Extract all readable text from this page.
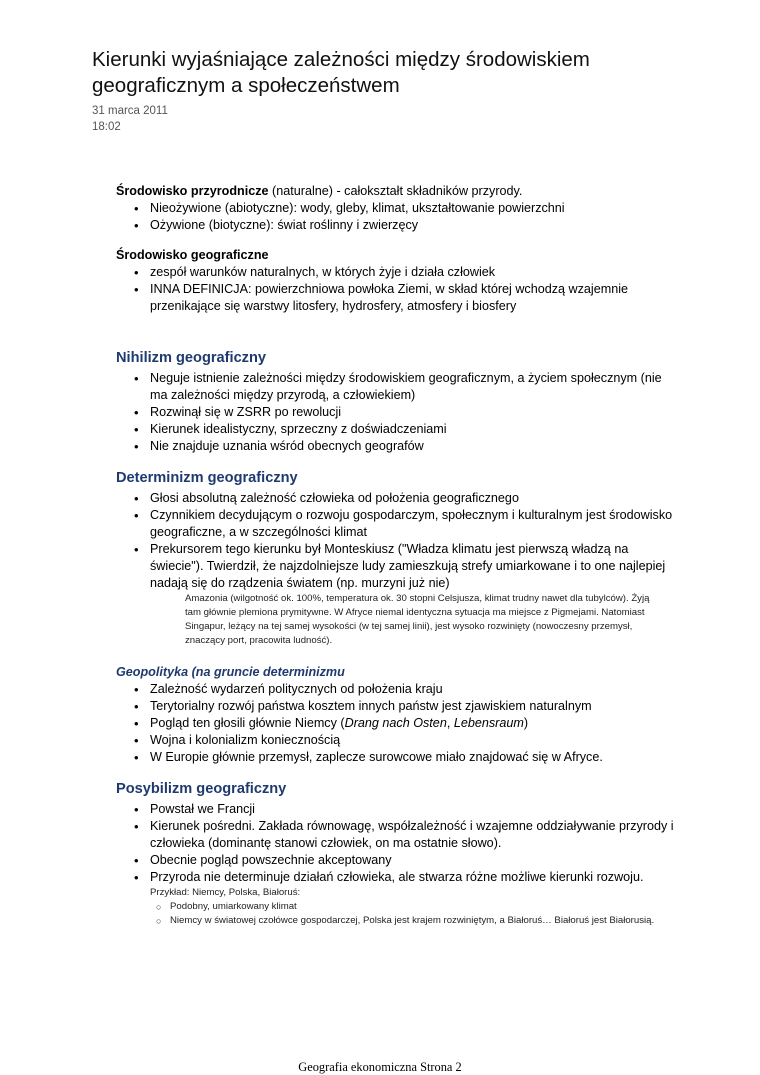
Kierunki wyjaśniające zależności między środowiskiem geograficznym a społeczeństwem
31 marca 2011
18:02

Środowisko przyrodnicze (naturalne) - całokształt składników przyrody.

• Nieożywione (abiotyczne): wody, gleby, klimat, ukształtowanie powierzchni
• Ożywione (biotyczne): świat roślinny i zwierzęcy

Środowisko geograficzne

• zespół warunków naturalnych, w których żyje i działa człowiek
• INNA DEFINICJA: powierzchniowa powłoka Ziemi, w skład której wchodzą wzajemnie przenikające się warstwy litosfery, hydrosfery, atmosfery i biosfery
Nihilizm geograficzny
• Neguje istnienie zależności między środowiskiem geograficznym, a życiem społecznym (nie ma zależności między przyrodą, a człowiekiem)
• Rozwinął się w ZSRR po rewolucji
• Kierunek idealistyczny, sprzeczny z doświadczeniami
• Nie znajduje uznania wśród obecnych geografów
Determinizm geograficzny
• Głosi absolutną zależność człowieka od położenia geograficznego
• Czynnikiem decydującym o rozwoju gospodarczym, społecznym i kulturalnym jest środowisko geograficzne, a w szczególności klimat
• Prekursorem tego kierunku był Monteskiusz ("Władza klimatu jest pierwszą władzą na świecie"). Twierdził, że najzdolniejsze ludy zamieszkują strefy umiarkowane i to one najlepiej nadają się do rządzenia światem (np. murzyni już nie)
Amazonia (wilgotność ok. 100%, temperatura ok. 30 stopni Celsjusza, klimat trudny nawet dla tubylców). Żyją tam głównie plemiona prymitywne. W Afryce niemal identyczna sytuacja ma miejsce z Pigmejami. Natomiast Singapur, leżący na tej samej wysokości (w tej samej linii), jest wysoko rozwinięty (nowoczesny przemysł, znaczący port, pracowita ludność).
Geopolityka (na gruncie determinizmu
• Zależność wydarzeń politycznych od położenia kraju
• Terytorialny rozwój państwa kosztem innych państw jest zjawiskiem naturalnym
• Pogląd ten głosili głównie Niemcy (Drang nach Osten, Lebensraum)
• Wojna i kolonializm koniecznością
• W Europie głównie przemysł, zaplecze surowcowe miało znajdować się w Afryce.
Posybilizm geograficzny
• Powstał we Francji
• Kierunek pośredni. Zakłada równowagę, współzależność i wzajemne oddziaływanie przyrody i człowieka (dominantę stanowi człowiek, on ma ostatnie słowo).
• Obecnie pogląd powszechnie akceptowany
• Przyroda nie determinuje działań człowieka, ale stwarza różne możliwe kierunki rozwoju.
Przykład: Niemcy, Polska, Białoruś:
○ Podobny, umiarkowany klimat
○ Niemcy w światowej czołówce gospodarczej, Polska jest krajem rozwiniętym, a Białoruś… Białoruś jest Białorusią.
Geografia ekonomiczna Strona 2
